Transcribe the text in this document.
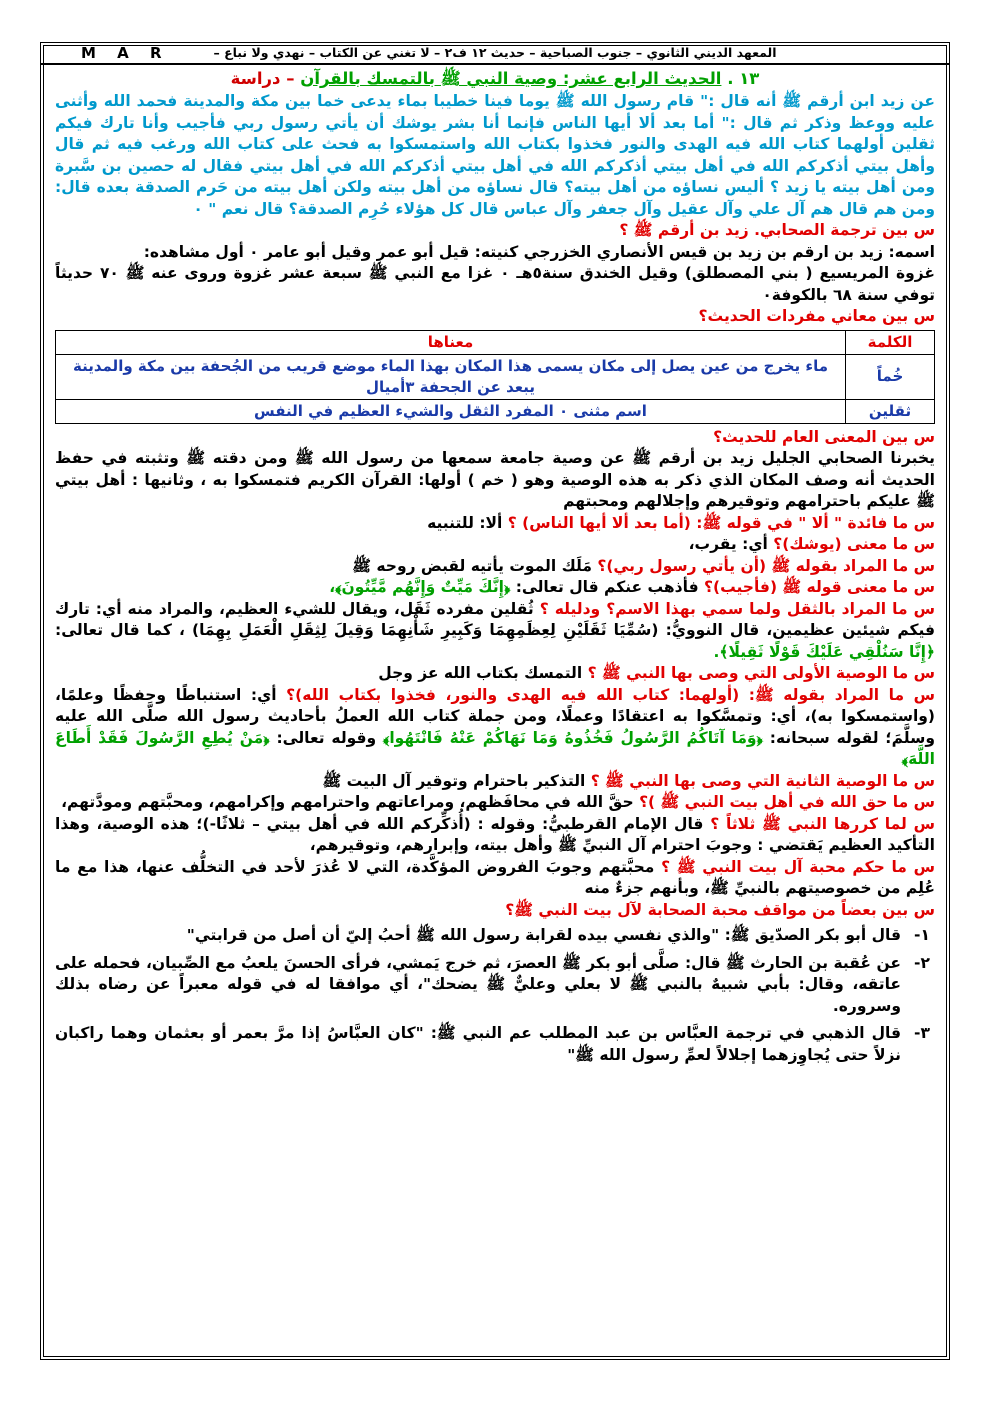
المعهد الديني الثانوي – جنوب الصباحية – حديث ١٢ ف٢ – لا تغني عن الكتاب – نهدي ولا نباع –
M A R

١٣ . الحديث الرابع عشر: وصية النبي ﷺ بالتمسك بالقرآن – دراسة

عن زيد ابن أرقم ﷺ أنه قال :" قام رسول الله ﷺ يوما فينا خطيبا بماء يدعى خما بين مكة والمدينة فحمد الله وأثنى عليه ووعظ وذكر ثم قال :" أما بعد ألا أيها الناس فإنما أنا بشر يوشك أن يأتي رسول ربي فأجيب وأنا تارك فيكم ثقلين أولهما كتاب الله فيه الهدى والنور فخذوا بكتاب الله واستمسكوا به فحث على كتاب الله ورغب فيه ثم قال وأهل بيتي أذكركم الله في أهل بيتي أذكركم الله في أهل بيتي أذكركم الله في أهل بيتي فقال له حصين بن سَّبرة ومن أهل بيته يا زيد ؟ أليس نساؤه من أهل بيته؟ قال نساؤه من أهل بيته ولكن أهل بيته من حَرم الصدقة بعده قال: ومن هم قال هم آل علي وآل عقيل وآل جعفر وآل عباس قال كل هؤلاء حُرِم الصدقة؟ قال نعم " ٠

س بين ترجمة الصحابي. زيد بن أرقم ﷺ ؟

اسمه: زيد بن ارقم بن زيد بن قيس الأنصاري الخزرجي كنيته: قيل أبو عمر وقيل أبو عامر ٠ أول مشاهده:

غزوة المريسيع ( بني المصطلق) وقيل الخندق سنة٥هـ ٠ غزا مع النبي ﷺ سبعة عشر غزوة وروى عنه ﷺ ٧٠ حديثاً توفي سنة ٦٨ بالكوفة٠

س بين معاني مفردات الحديث؟

الكلمة	معناها
خُماً	ماء يخرج من عين يصل إلى مكان يسمى هذا المكان بهذا الماء موضع قريب من الجُحفة بين مكة والمدينة يبعد عن الجحفة ٣أميال
ثقلين	اسم مثنى ٠ المفرد الثقل والشيء العظيم في النفس

س بين المعنى العام للحديث؟

يخبرنا الصحابي الجليل زيد بن أرقم ﷺ عن وصية جامعة سمعها من رسول الله ﷺ ومن دقته ﷺ وتثبته في حفظ الحديث أنه وصف المكان الذي ذكر به هذه الوصية وهو ( خم ) أولها: القرآن الكريم فتمسكوا به ، وثانيها : أهل بيتي ﷺ عليكم باحترامهم وتوقيرهم وإجلالهم ومحبتهم

س ما فائدة " ألا " في قوله ﷺ: (أما بعد ألا أيها الناس) ؟ ألا: للتنبيه

س ما معنى (يوشك)؟ أي: يقرب،

س ما المراد بقوله ﷺ (أن يأتي رسول ربي)؟ مَلَك الموت يأتيه لقبض روحه ﷺ

س ما معنى قوله ﷺ (فأجيب)؟ فأذهب عنكم قال تعالى: ﴿إِنَّكَ مَيِّتٌ وَإِنَّهُم مَّيِّتُونَ﴾،

س ما المراد بالثقل ولما سمي بهذا الاسم؟ ودليله ؟ ثُقلين مفرده ثَقَل، ويقال للشيء العظيم، والمراد منه أي: تارك فيكم شيئين عظيمين، قال النوويُّ: (سُمِّيَا ثَقَلَيْنِ لِعِظَمِهِمَا وَكَبِيرِ شَأْنِهِمَا وَقِيلَ لِثِقَلِ الْعَمَلِ بِهِمَا) ، كما قال تعالى: ﴿إِنَّا سَنُلْقِي عَلَيْكَ قَوْلًا ثَقِيلًا﴾.

س ما الوصية الأولى التي وصى بها النبي ﷺ ؟ التمسك بكتاب الله عز وجل

س ما المراد بقوله ﷺ: (أولهما: كتاب الله فيه الهدى والنور، فخذوا بكتاب الله)؟ أي: استنباطًا وحفظًا وعلمًا، (واستمسكوا به)، أي: وتمسَّكوا به اعتقادًا وعملًا، ومن جملة كتاب الله العملُ بأحاديث رسول الله صلَّى الله عليه وسلَّمَ؛ لقوله سبحانه: ﴿وَمَا آتَاكُمُ الرَّسُولُ فَخُذُوهُ وَمَا نَهَاكُمْ عَنْهُ فَانْتَهُوا﴾ وقوله تعالى: ﴿مَنْ يُطِعِ الرَّسُولَ فَقَدْ أَطَاعَ اللَّهَ﴾

س ما الوصية الثانية التي وصى بها النبي ﷺ ؟ التذكير باحترام وتوقير آل البيت ﷺ

س ما حق الله في أهل بيت النبي ﷺ )؟ حقَّ الله في محافَظهم، ومراعاتهم واحترامهم وإكرامهم، ومحبَّتهم ومودَّتهم،

س لما كررها النبي ﷺ ثلاثاً ؟ قال الإمام القرطبيُّ: وقوله : (أُذكِّركم الله في أهل بيتي – ثلاثًا-)؛ هذه الوصية، وهذا التأكيد العظيم يَقتضي : وجوبَ احترام آل النبيِّ ﷺ وأهل بيته، وإبرارهم، وتوقيرهم،

س ما حكم محبة آل بيت النبي ﷺ ؟ محبَّتهم وجوبَ الفروض المؤكَّدة، التي لا عُذرَ لأحد في التخلُّف عنها، هذا مع ما عُلِم من خصوصيتهم بالنبيِّ ﷺ، وبأنهم جزءٌ منه

س بين بعضاً من مواقف محبة الصحابة لآل بيت النبي ﷺ؟

١-
قال أبو بكر الصدّيق ﷺ: "والذي نفسي بيده لقرابة رسول الله ﷺ أحبُ إليّ أن أصل من قرابتي"
٢-
عن عُقبة بن الحارث ﷺ قال: صلَّى أبو بكر ﷺ العصرَ، ثم خرج يَمشي، فرأى الحسنَ يلعبُ مع الصِّبيان، فحمله على عاتقه، وقال: بأبي شبيهٌ بالنبي ﷺ لا بعلي وعليٌّ ﷺ يضحك"، أي موافقا له في قوله معبراً عن رضاه بذلك وسروره.
٣-
قال الذهبي في ترجمة العبَّاس بن عبد المطلب عم النبي ﷺ: "كان العبَّاسُ إذا مرَّ بعمر أو بعثمان وهما راكبان نزلاً حتى يُجاوِزهما إجلالاً لعمِّ رسول الله ﷺ"
